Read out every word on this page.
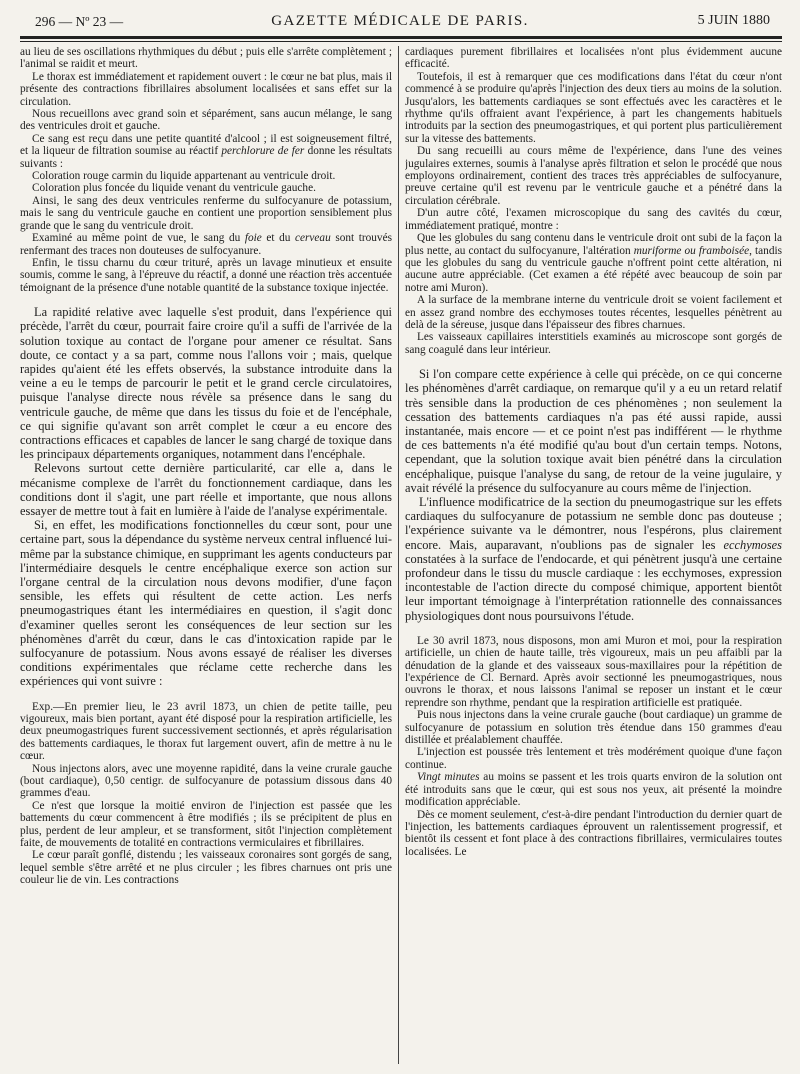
296 — Nº 23 —	GAZETTE MÉDICALE DE PARIS.	5 JUIN 1880

au lieu de ses oscillations rhythmiques du début ; puis elle s'arrête complètement ; l'animal se raidit et meurt.

Le thorax est immédiatement et rapidement ouvert : le cœur ne bat plus, mais il présente des contractions fibrillaires absolument localisées et sans effet sur la circulation.

Nous recueillons avec grand soin et séparément, sans aucun mélange, le sang des ventricules droit et gauche.

Ce sang est reçu dans une petite quantité d'alcool ; il est soigneusement filtré, et la liqueur de filtration soumise au réactif perchlorure de fer donne les résultats suivants :

Coloration rouge carmin du liquide appartenant au ventricule droit.

Coloration plus foncée du liquide venant du ventricule gauche.

Ainsi, le sang des deux ventricules renferme du sulfocyanure de potassium, mais le sang du ventricule gauche en contient une proportion sensiblement plus grande que le sang du ventricule droit.

Examiné au même point de vue, le sang du foie et du cerveau sont trouvés renfermant des traces non douteuses de sulfocyanure.

Enfin, le tissu charnu du cœur trituré, après un lavage minutieux et ensuite soumis, comme le sang, à l'épreuve du réactif, a donné une réaction très accentuée témoignant de la présence d'une notable quantité de la substance toxique injectée.

La rapidité relative avec laquelle s'est produit, dans l'expérience qui précède, l'arrêt du cœur, pourrait faire croire qu'il a suffi de l'arrivée de la solution toxique au contact de l'organe pour amener ce résultat. Sans doute, ce contact y a sa part, comme nous l'allons voir ; mais, quelque rapides qu'aient été les effets observés, la substance introduite dans la veine a eu le temps de parcourir le petit et le grand cercle circulatoires, puisque l'analyse directe nous révèle sa présence dans le sang du ventricule gauche, de même que dans les tissus du foie et de l'encéphale, ce qui signifie qu'avant son arrêt complet le cœur a eu encore des contractions efficaces et capables de lancer le sang chargé de toxique dans les principaux départements organiques, notamment dans l'encéphale.

Relevons surtout cette dernière particularité, car elle a, dans le mécanisme complexe de l'arrêt du fonctionnement cardiaque, dans les conditions dont il s'agit, une part réelle et importante, que nous allons essayer de mettre tout à fait en lumière à l'aide de l'analyse expérimentale.

Si, en effet, les modifications fonctionnelles du cœur sont, pour une certaine part, sous la dépendance du système nerveux central influencé lui-même par la substance chimique, en supprimant les agents conducteurs par l'intermédiaire desquels le centre encéphalique exerce son action sur l'organe central de la circulation nous devons modifier, d'une façon sensible, les effets qui résultent de cette action. Les nerfs pneumogastriques étant les intermédiaires en question, il s'agit donc d'examiner quelles seront les conséquences de leur section sur les phénomènes d'arrêt du cœur, dans le cas d'intoxication rapide par le sulfocyanure de potassium. Nous avons essayé de réaliser les diverses conditions expérimentales que réclame cette recherche dans les expériences qui vont suivre :

Exp.—En premier lieu, le 23 avril 1873, un chien de petite taille, peu vigoureux, mais bien portant, ayant été disposé pour la respiration artificielle, les deux pneumogastriques furent successivement sectionnés, et après régularisation des battements cardiaques, le thorax fut largement ouvert, afin de mettre à nu le cœur.

Nous injectons alors, avec une moyenne rapidité, dans la veine crurale gauche (bout cardiaque), 0,50 centigr. de sulfocyanure de potassium dissous dans 40 grammes d'eau.

Ce n'est que lorsque la moitié environ de l'injection est passée que les battements du cœur commencent à être modifiés ; ils se précipitent de plus en plus, perdent de leur ampleur, et se transforment, sitôt l'injection complètement faite, de mouvements de totalité en contractions vermiculaires et fibrillaires.

Le cœur paraît gonflé, distendu ; les vaisseaux coronaires sont gorgés de sang, lequel semble s'être arrêté et ne plus circuler ; les fibres charnues ont pris une couleur lie de vin. Les contractions

cardiaques purement fibrillaires et localisées n'ont plus évidemment aucune efficacité.

Toutefois, il est à remarquer que ces modifications dans l'état du cœur n'ont commencé à se produire qu'après l'injection des deux tiers au moins de la solution. Jusqu'alors, les battements cardiaques se sont effectués avec les caractères et le rhythme qu'ils offraient avant l'expérience, à part les changements habituels introduits par la section des pneumogastriques, et qui portent plus particulièrement sur la vitesse des battements.

Du sang recueilli au cours même de l'expérience, dans l'une des veines jugulaires externes, soumis à l'analyse après filtration et selon le procédé que nous employons ordinairement, contient des traces très appréciables de sulfocyanure, preuve certaine qu'il est revenu par le ventricule gauche et a pénétré dans la circulation cérébrale.

D'un autre côté, l'examen microscopique du sang des cavités du cœur, immédiatement pratiqué, montre :

Que les globules du sang contenu dans le ventricule droit ont subi de la façon la plus nette, au contact du sulfocyanure, l'altération muriforme ou framboisée, tandis que les globules du sang du ventricule gauche n'offrent point cette altération, ni aucune autre appréciable. (Cet examen a été répété avec beaucoup de soin par notre ami Muron).

A la surface de la membrane interne du ventricule droit se voient facilement et en assez grand nombre des ecchymoses toutes récentes, lesquelles pénètrent au delà de la séreuse, jusque dans l'épaisseur des fibres charnues.

Les vaisseaux capillaires interstitiels examinés au microscope sont gorgés de sang coagulé dans leur intérieur.

Si l'on compare cette expérience à celle qui précède, on ce qui concerne les phénomènes d'arrêt cardiaque, on remarque qu'il y a eu un retard relatif très sensible dans la production de ces phénomènes ; non seulement la cessation des battements cardiaques n'a pas été aussi rapide, aussi instantanée, mais encore — et ce point n'est pas indifférent — le rhythme de ces battements n'a été modifié qu'au bout d'un certain temps. Notons, cependant, que la solution toxique avait bien pénétré dans la circulation encéphalique, puisque l'analyse du sang, de retour de la veine jugulaire, y avait révélé la présence du sulfocyanure au cours même de l'injection.

L'influence modificatrice de la section du pneumogastrique sur les effets cardiaques du sulfocyanure de potassium ne semble donc pas douteuse ; l'expérience suivante va le démontrer, nous l'espérons, plus clairement encore. Mais, auparavant, n'oublions pas de signaler les ecchymoses constatées à la surface de l'endocarde, et qui pénètrent jusqu'à une certaine profondeur dans le tissu du muscle cardiaque : les ecchymoses, expression incontestable de l'action directe du composé chimique, apportent bientôt leur important témoignage à l'interprétation rationnelle des connaissances physiologiques dont nous poursuivons l'étude.

Le 30 avril 1873, nous disposons, mon ami Muron et moi, pour la respiration artificielle, un chien de haute taille, très vigoureux, mais un peu affaibli par la dénudation de la glande et des vaisseaux sous-maxillaires pour la répétition de l'expérience de Cl. Bernard. Après avoir sectionné les pneumogastriques, nous ouvrons le thorax, et nous laissons l'animal se reposer un instant et le cœur reprendre son rhythme, pendant que la respiration artificielle est pratiquée.

Puis nous injectons dans la veine crurale gauche (bout cardiaque) un gramme de sulfocyanure de potassium en solution très étendue dans 150 grammes d'eau distillée et préalablement chauffée.

L'injection est poussée très lentement et très modérément quoique d'une façon continue.

Vingt minutes au moins se passent et les trois quarts environ de la solution ont été introduits sans que le cœur, qui est sous nos yeux, ait présenté la moindre modification appréciable.

Dès ce moment seulement, c'est-à-dire pendant l'introduction du dernier quart de l'injection, les battements cardiaques éprouvent un ralentissement progressif, et bientôt ils cessent et font place à des contractions fibrillaires, vermiculaires toutes localisées. Le
